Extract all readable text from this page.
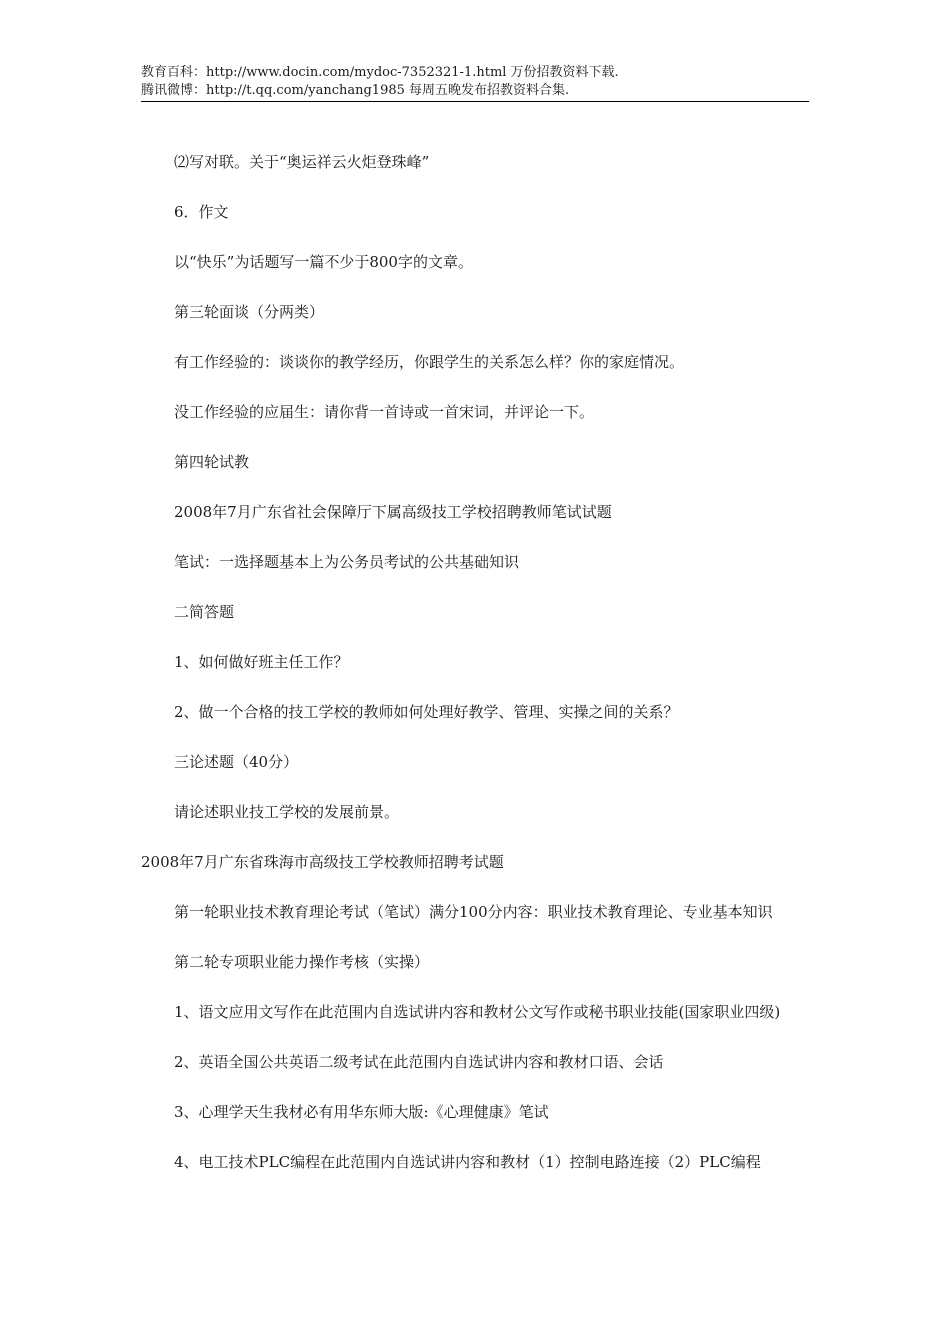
教育百科：http://www.docin.com/mydoc-7352321-1.html 万份招教资料下载.
腾讯微博：http://t.qq.com/yanchang1985 每周五晚发布招教资料合集.

⑵写对联。关于“奥运祥云火炬登珠峰”

6．作文

以“快乐”为话题写一篇不少于800字的文章。

第三轮面谈（分两类）

有工作经验的：谈谈你的教学经历，你跟学生的关系怎么样？你的家庭情况。

没工作经验的应届生：请你背一首诗或一首宋词，并评论一下。

第四轮试教

2008年7月广东省社会保障厅下属高级技工学校招聘教师笔试试题

笔试：一选择题基本上为公务员考试的公共基础知识

二简答题

1、如何做好班主任工作？

2、做一个合格的技工学校的教师如何处理好教学、管理、实操之间的关系？

三论述题（40分）

请论述职业技工学校的发展前景。

2008年7月广东省珠海市高级技工学校教师招聘考试题

第一轮职业技术教育理论考试（笔试）满分100分内容：职业技术教育理论、专业基本知识

第二轮专项职业能力操作考核（实操）

1、语文应用文写作在此范围内自选试讲内容和教材公文写作或秘书职业技能(国家职业四级)

2、英语全国公共英语二级考试在此范围内自选试讲内容和教材口语、会话

3、心理学天生我材必有用华东师大版:《心理健康》笔试

4、电工技术PLC编程在此范围内自选试讲内容和教材（1）控制电路连接（2）PLC编程
